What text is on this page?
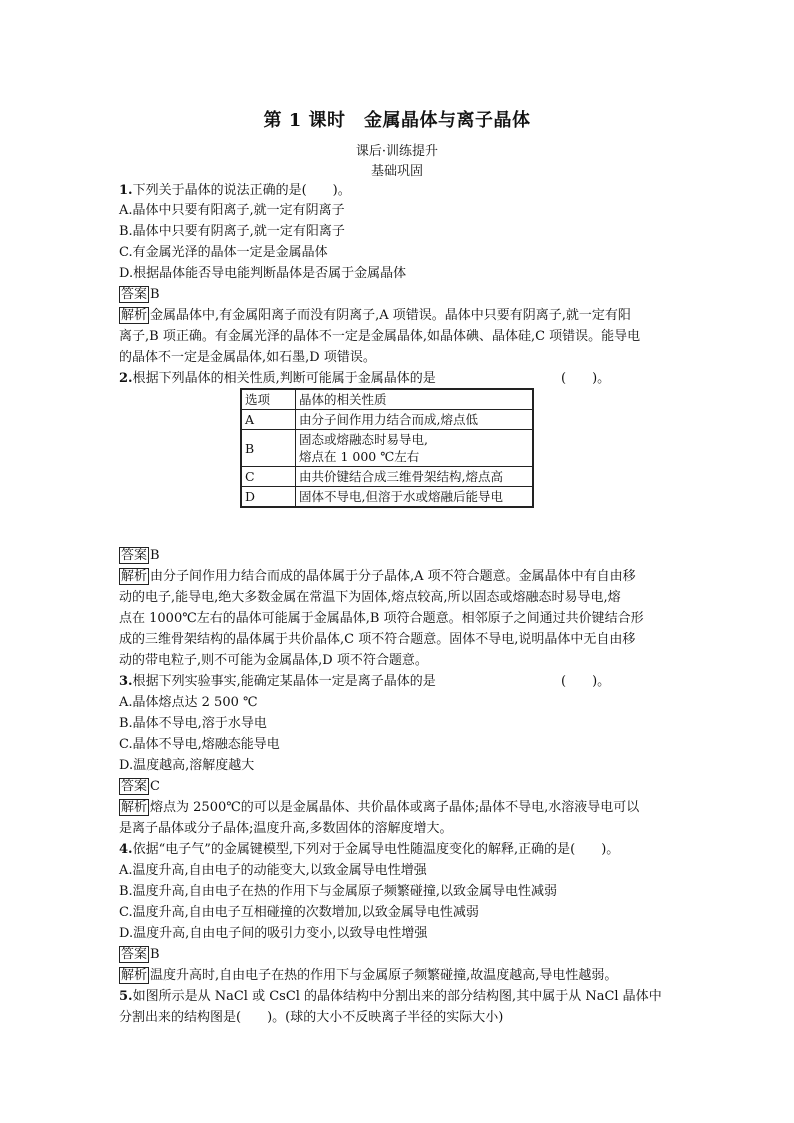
第 1 课时　金属晶体与离子晶体
课后·训练提升
基础巩固
1.下列关于晶体的说法正确的是(　　)。
A.晶体中只要有阳离子,就一定有阴离子
B.晶体中只要有阴离子,就一定有阳离子
C.有金属光泽的晶体一定是金属晶体
D.根据晶体能否导电能判断晶体是否属于金属晶体
答案 B
解析 金属晶体中,有金属阳离子而没有阴离子,A 项错误。晶体中只要有阴离子,就一定有阳
离子,B 项正确。有金属光泽的晶体不一定是金属晶体,如晶体碘、晶体硅,C 项错误。能导电
的晶体不一定是金属晶体,如石墨,D 项错误。
2.根据下列晶体的相关性质,判断可能属于金属晶体的是	(　　)。
选项	晶体的相关性质
A	由分子间作用力结合而成,熔点低
B	固态或熔融态时易导电,
熔点在 1 000 ℃左右

C	由共价键结合成三维骨架结构,熔点高
D	固体不导电,但溶于水或熔融后能导电
答案 B
解析 由分子间作用力结合而成的晶体属于分子晶体,A 项不符合题意。金属晶体中有自由移
动的电子,能导电,绝大多数金属在常温下为固体,熔点较高,所以固态或熔融态时易导电,熔
点在 1000℃左右的晶体可能属于金属晶体,B 项符合题意。相邻原子之间通过共价键结合形
成的三维骨架结构的晶体属于共价晶体,C 项不符合题意。固体不导电,说明晶体中无自由移
动的带电粒子,则不可能为金属晶体,D 项不符合题意。
3.根据下列实验事实,能确定某晶体一定是离子晶体的是	(　　)。
A.晶体熔点达 2 500 ℃
B.晶体不导电,溶于水导电
C.晶体不导电,熔融态能导电
D.温度越高,溶解度越大
答案 C
解析 熔点为 2500℃的可以是金属晶体、共价晶体或离子晶体;晶体不导电,水溶液导电可以
是离子晶体或分子晶体;温度升高,多数固体的溶解度增大。
4.依据“电子气”的金属键模型,下列对于金属导电性随温度变化的解释,正确的是(　　)。
A.温度升高,自由电子的动能变大,以致金属导电性增强
B.温度升高,自由电子在热的作用下与金属原子频繁碰撞,以致金属导电性减弱
C.温度升高,自由电子互相碰撞的次数增加,以致金属导电性减弱
D.温度升高,自由电子间的吸引力变小,以致导电性增强
答案 B
解析 温度升高时,自由电子在热的作用下与金属原子频繁碰撞,故温度越高,导电性越弱。
5.如图所示是从 NaCl 或 CsCl 的晶体结构中分割出来的部分结构图,其中属于从 NaCl 晶体中
分割出来的结构图是(　　)。(球的大小不反映离子半径的实际大小)
